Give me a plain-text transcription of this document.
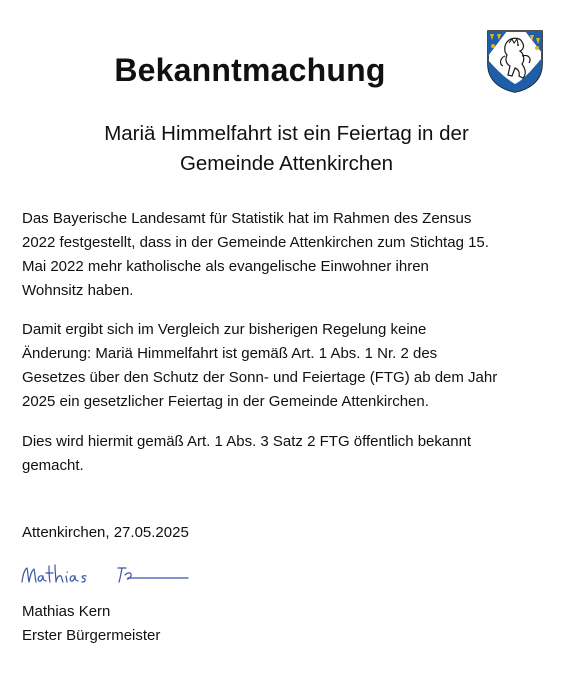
Bekanntmachung
Mariä Himmelfahrt ist ein Feiertag in der
Gemeinde Attenkirchen

Das Bayerische Landesamt für Statistik hat im Rahmen des Zensus
2022 festgestellt, dass in der Gemeinde Attenkirchen zum Stichtag 15.
Mai 2022 mehr katholische als evangelische Einwohner ihren
Wohnsitz haben.

Damit ergibt sich im Vergleich zur bisherigen Regelung keine
Änderung: Mariä Himmelfahrt ist gemäß Art. 1 Abs. 1 Nr. 2 des
Gesetzes über den Schutz der Sonn- und Feiertage (FTG) ab dem Jahr
2025 ein gesetzlicher Feiertag in der Gemeinde Attenkirchen.

Dies wird hiermit gemäß Art. 1 Abs. 3 Satz 2 FTG öffentlich bekannt
gemacht.

Attenkirchen, 27.05.2025
Mathias Kern
Erster Bürgermeister
